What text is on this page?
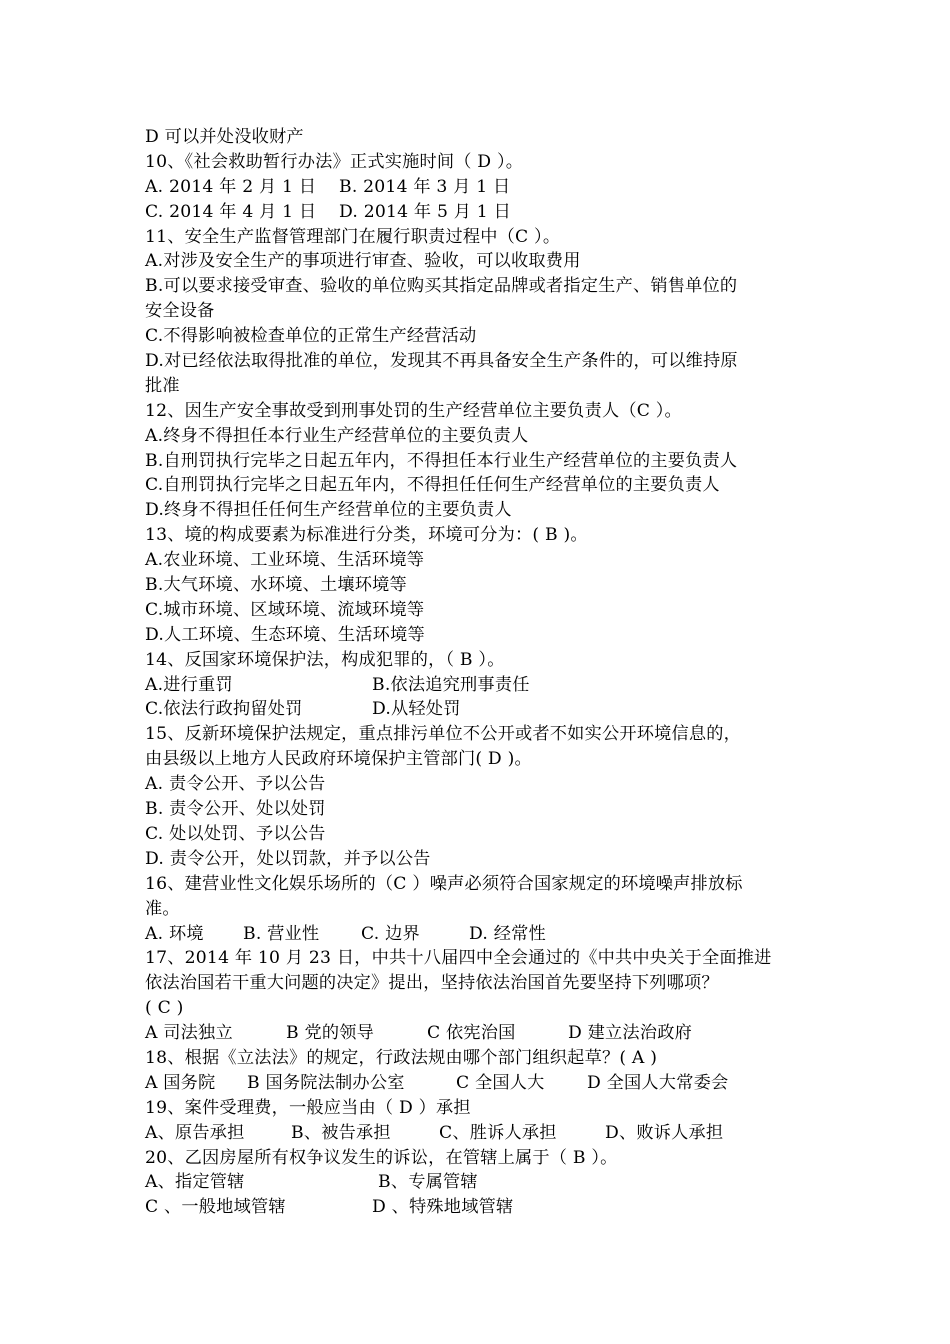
D 可以并处没收财产
10、《社会救助暂行办法》正式实施时间（ D ）。
A. 2014 年 2 月 1 日 B. 2014 年 3 月 1 日
C. 2014 年 4 月 1 日 D. 2014 年 5 月 1 日
11、安全生产监督管理部门在履行职责过程中（C ）。
A.对涉及安全生产的事项进行审查、验收，可以收取费用
B.可以要求接受审查、验收的单位购买其指定品牌或者指定生产、销售单位的
安全设备
C.不得影响被检查单位的正常生产经营活动
D.对已经依法取得批准的单位，发现其不再具备安全生产条件的，可以维持原
批准
12、因生产安全事故受到刑事处罚的生产经营单位主要负责人（C ）。
A.终身不得担任本行业生产经营单位的主要负责人
B.自刑罚执行完毕之日起五年内，不得担任本行业生产经营单位的主要负责人
C.自刑罚执行完毕之日起五年内，不得担任任何生产经营单位的主要负责人
D.终身不得担任任何生产经营单位的主要负责人
13、境的构成要素为标准进行分类，环境可分为：( B )。
A.农业环境、工业环境、生活环境等
B.大气环境、水环境、土壤环境等
C.城市环境、区域环境、流域环境等
D.人工环境、生态环境、生活环境等
14、反国家环境保护法，构成犯罪的，（ B ）。
A.进行重罚	B.依法追究刑事责任
C.依法行政拘留处罚	D.从轻处罚
15、反新环境保护法规定，重点排污单位不公开或者不如实公开环境信息的，
由县级以上地方人民政府环境保护主管部门( D )。
A. 责令公开、予以公告
B. 责令公开、处以处罚
C. 处以处罚、予以公告
D. 责令公开，处以罚款，并予以公告
16、建营业性文化娱乐场所的（C ）噪声必须符合国家规定的环境噪声排放标
准。
A. 环境 B. 营业性 C. 边界	D. 经常性
17、2014 年 10 月 23 日，中共十八届四中全会通过的《中共中央关于全面推进
依法治国若干重大问题的决定》提出，坚持依法治国首先要坚持下列哪项？
( C )
A 司法独立	B 党的领导	C 依宪治国	D 建立法治政府
18、根据《立法法》的规定，行政法规由哪个部门组织起草？( A )
A 国务院 B 国务院法制办公室	C 全国人大 D 全国人大常委会
19、案件受理费，一般应当由（ D ）承担
A、原告承担	B、被告承担	C、胜诉人承担	D、败诉人承担
20、乙因房屋所有权争议发生的诉讼，在管辖上属于（ B ）。
A、指定管辖	B、专属管辖
C 、一般地域管辖	D 、特殊地域管辖
